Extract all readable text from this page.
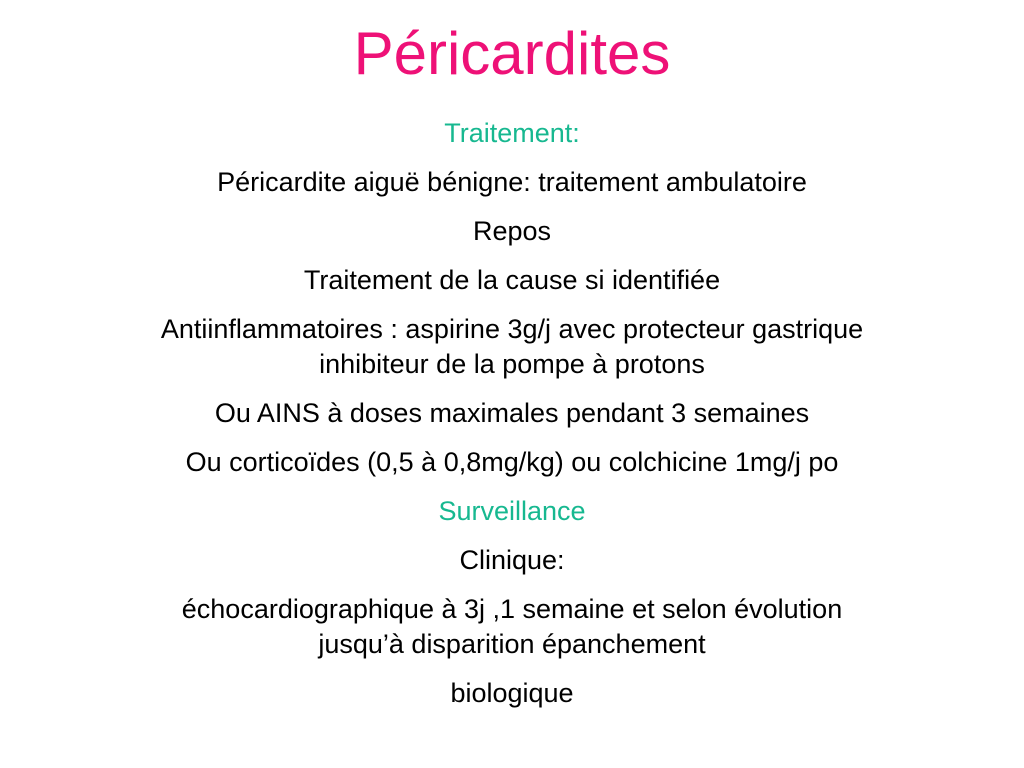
Péricardites

Traitement:

Péricardite aiguë bénigne: traitement ambulatoire

Repos

Traitement de la cause si identifiée

Antiinflammatoires : aspirine 3g/j avec protecteur gastrique

inhibiteur de la pompe à protons

Ou AINS à doses maximales pendant 3 semaines

Ou corticoïdes (0,5 à 0,8mg/kg) ou colchicine 1mg/j po

Surveillance

Clinique:

échocardiographique à 3j ,1 semaine et selon évolution

jusqu’à disparition épanchement

biologique
